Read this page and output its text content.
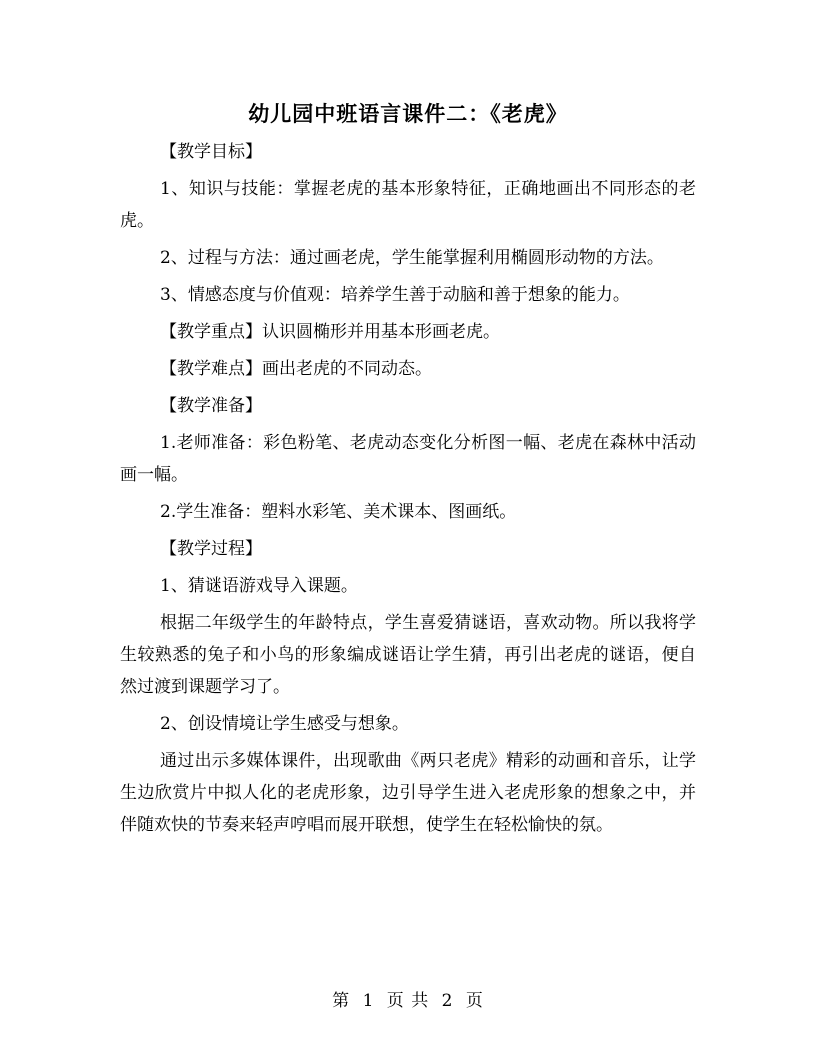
幼儿园中班语言课件二：《老虎》

【教学目标】

1、知识与技能：掌握老虎的基本形象特征，正确地画出不同形态的老虎。

2、过程与方法：通过画老虎，学生能掌握利用椭圆形动物的方法。

3、情感态度与价值观：培养学生善于动脑和善于想象的能力。

【教学重点】认识圆椭形并用基本形画老虎。

【教学难点】画出老虎的不同动态。

【教学准备】

1.老师准备：彩色粉笔、老虎动态变化分析图一幅、老虎在森林中活动画一幅。

2.学生准备：塑料水彩笔、美术课本、图画纸。

【教学过程】

1、猜谜语游戏导入课题。

根据二年级学生的年龄特点，学生喜爱猜谜语，喜欢动物。所以我将学生较熟悉的兔子和小鸟的形象编成谜语让学生猜，再引出老虎的谜语，便自然过渡到课题学习了。

2、创设情境让学生感受与想象。

通过出示多媒体课件，出现歌曲《两只老虎》精彩的动画和音乐，让学生边欣赏片中拟人化的老虎形象，边引导学生进入老虎形象的想象之中，并伴随欢快的节奏来轻声哼唱而展开联想，使学生在轻松愉快的氛。

第 1 页 共 2 页
